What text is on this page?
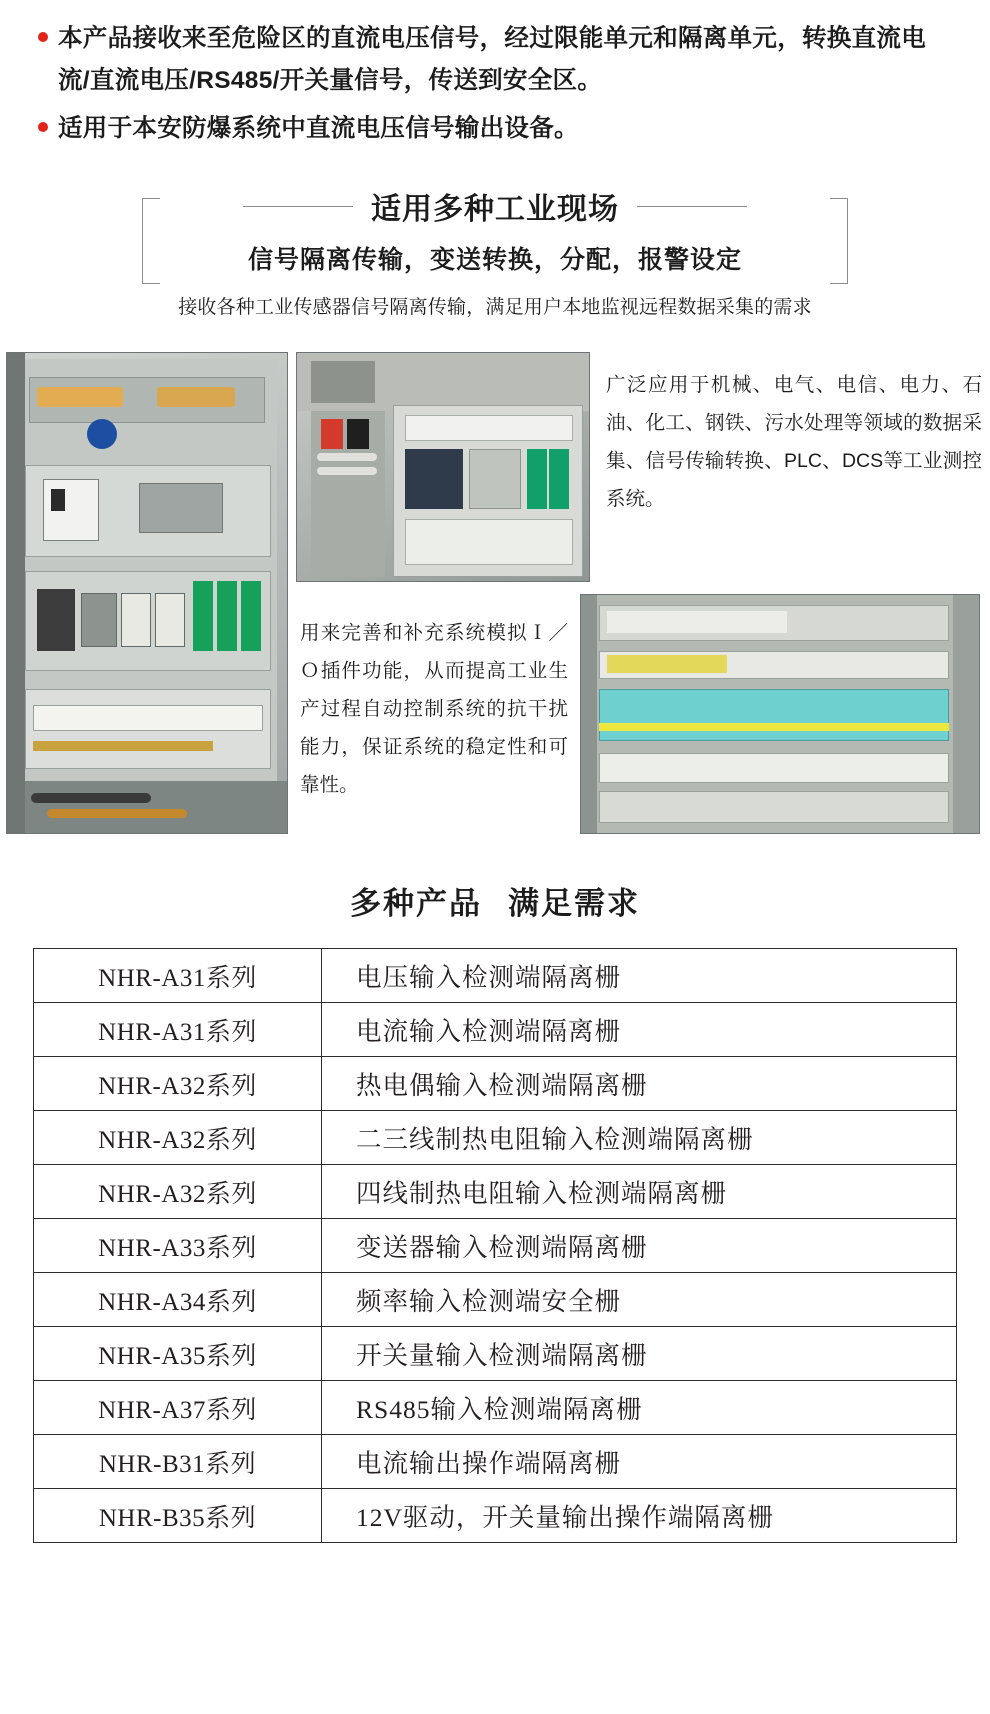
本产品接收来至危险区的直流电压信号，经过限能单元和隔离单元，转换直流电流/直流电压/RS485/开关量信号，传送到安全区。
适用于本安防爆系统中直流电压信号输出设备。
适用多种工业现场
信号隔离传输，变送转换，分配，报警设定
接收各种工业传感器信号隔离传输，满足用户本地监视远程数据采集的需求
广泛应用于机械、电气、电信、电力、石油、化工、钢铁、污水处理等领域的数据采集、信号传输转换、PLC、DCS等工业测控系统。
用来完善和补充系统模拟Ｉ／Ｏ插件功能，从而提高工业生产过程自动控制系统的抗干扰能力，保证系统的稳定性和可靠性。
多种产品 满足需求
NHR-A31系列	电压输入检测端隔离栅
NHR-A31系列	电流输入检测端隔离栅
NHR-A32系列	热电偶输入检测端隔离栅
NHR-A32系列	二三线制热电阻输入检测端隔离栅
NHR-A32系列	四线制热电阻输入检测端隔离栅
NHR-A33系列	变送器输入检测端隔离栅
NHR-A34系列	频率输入检测端安全栅
NHR-A35系列	开关量输入检测端隔离栅
NHR-A37系列	RS485输入检测端隔离栅
NHR-B31系列	电流输出操作端隔离栅
NHR-B35系列	12V驱动，开关量输出操作端隔离栅
